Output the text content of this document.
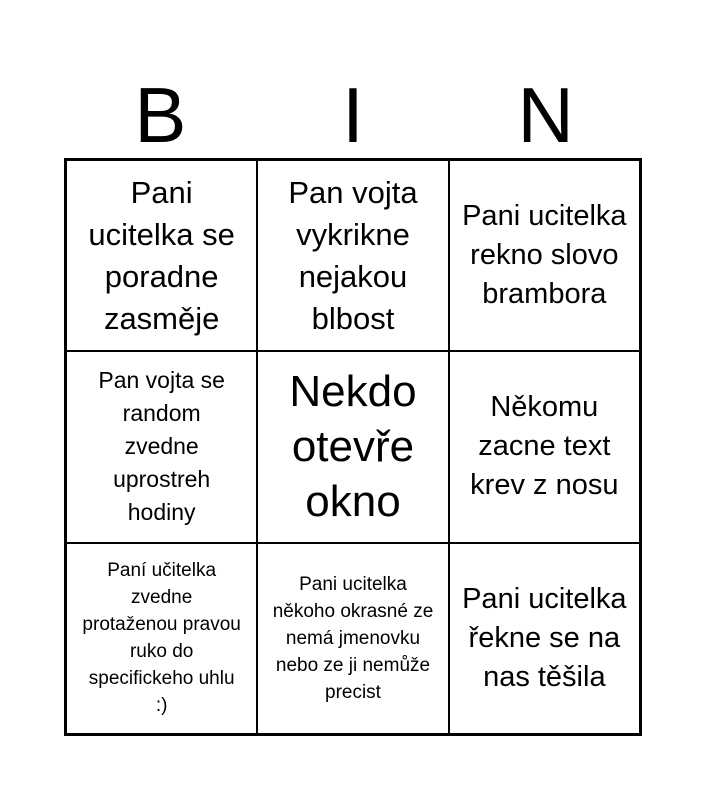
B	I	N
Pani ucitelka se poradne zasměje
Pan vojta vykrikne nejakou blbost
Pani ucitelka rekno slovo brambora
Pan vojta se random zvedne uprostreh hodiny
Nekdo otevře okno
Někomu zacne text krev z nosu
Paní učitelka zvedne protaženou pravou ruko do specifickeho uhlu :)
Pani ucitelka někoho okrasné ze nemá jmenovku nebo ze ji nemůže precist
Pani ucitelka řekne se na nas těšila
